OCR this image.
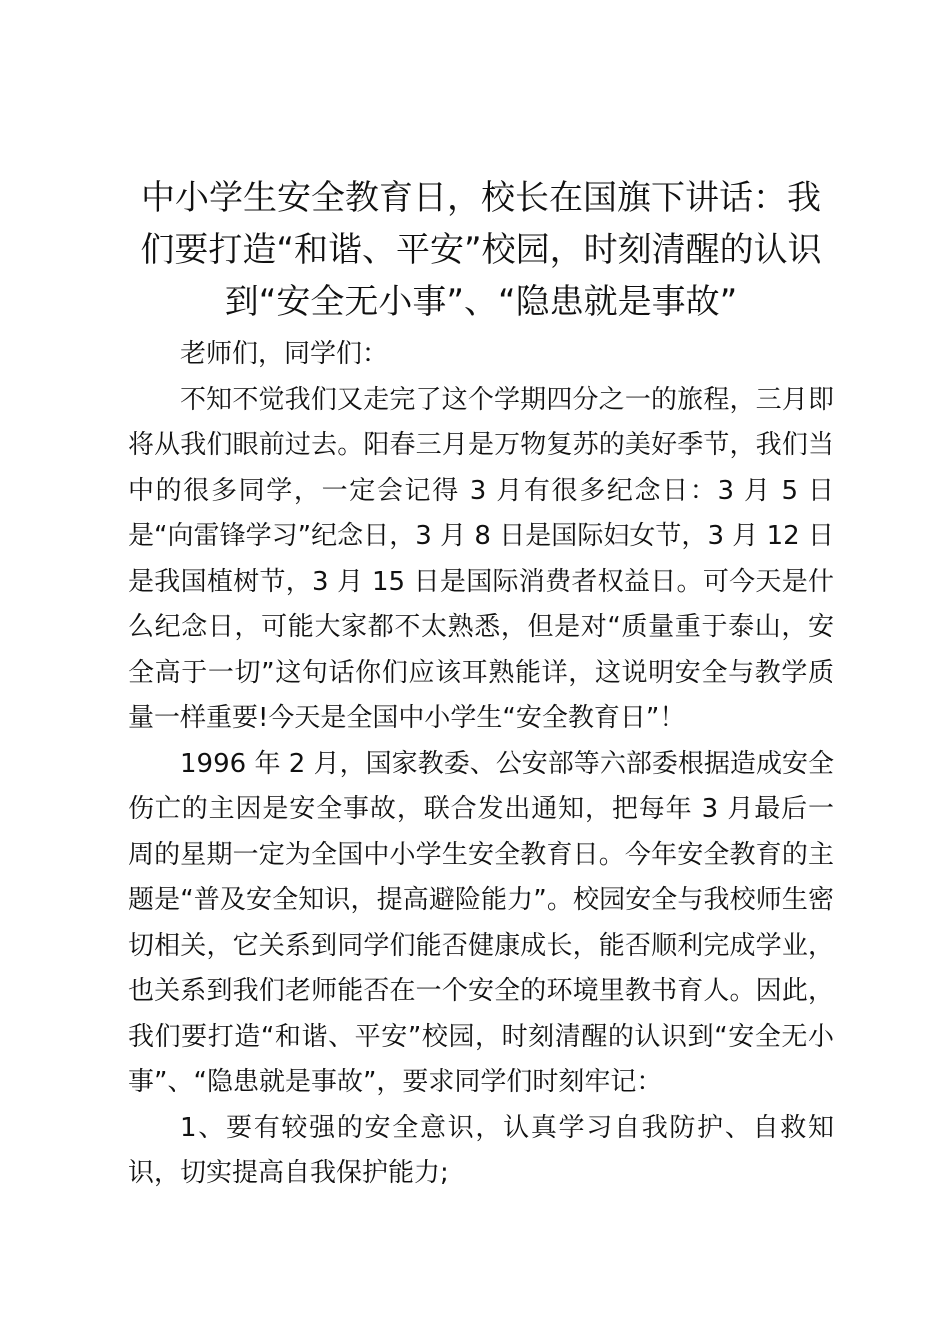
中小学生安全教育日，校长在国旗下讲话：我们要打造“和谐、平安”校园，时刻清醒的认识到“安全无小事”、“隐患就是事故”

老师们，同学们：

不知不觉我们又走完了这个学期四分之一的旅程，三月即将从我们眼前过去。阳春三月是万物复苏的美好季节，我们当中的很多同学，一定会记得 3 月有很多纪念日：3 月 5 日是“向雷锋学习”纪念日，3 月 8 日是国际妇女节，3 月 12 日是我国植树节，3 月 15 日是国际消费者权益日。可今天是什么纪念日，可能大家都不太熟悉，但是对“质量重于泰山，安全高于一切”这句话你们应该耳熟能详，这说明安全与教学质量一样重要!今天是全国中小学生“安全教育日”！

1996 年 2 月，国家教委、公安部等六部委根据造成安全伤亡的主因是安全事故，联合发出通知，把每年 3 月最后一周的星期一定为全国中小学生安全教育日。今年安全教育的主题是“普及安全知识，提高避险能力”。校园安全与我校师生密切相关，它关系到同学们能否健康成长，能否顺利完成学业，也关系到我们老师能否在一个安全的环境里教书育人。因此，我们要打造“和谐、平安”校园，时刻清醒的认识到“安全无小事”、“隐患就是事故”，要求同学们时刻牢记：

1、要有较强的安全意识，认真学习自我防护、自救知识，切实提高自我保护能力;
